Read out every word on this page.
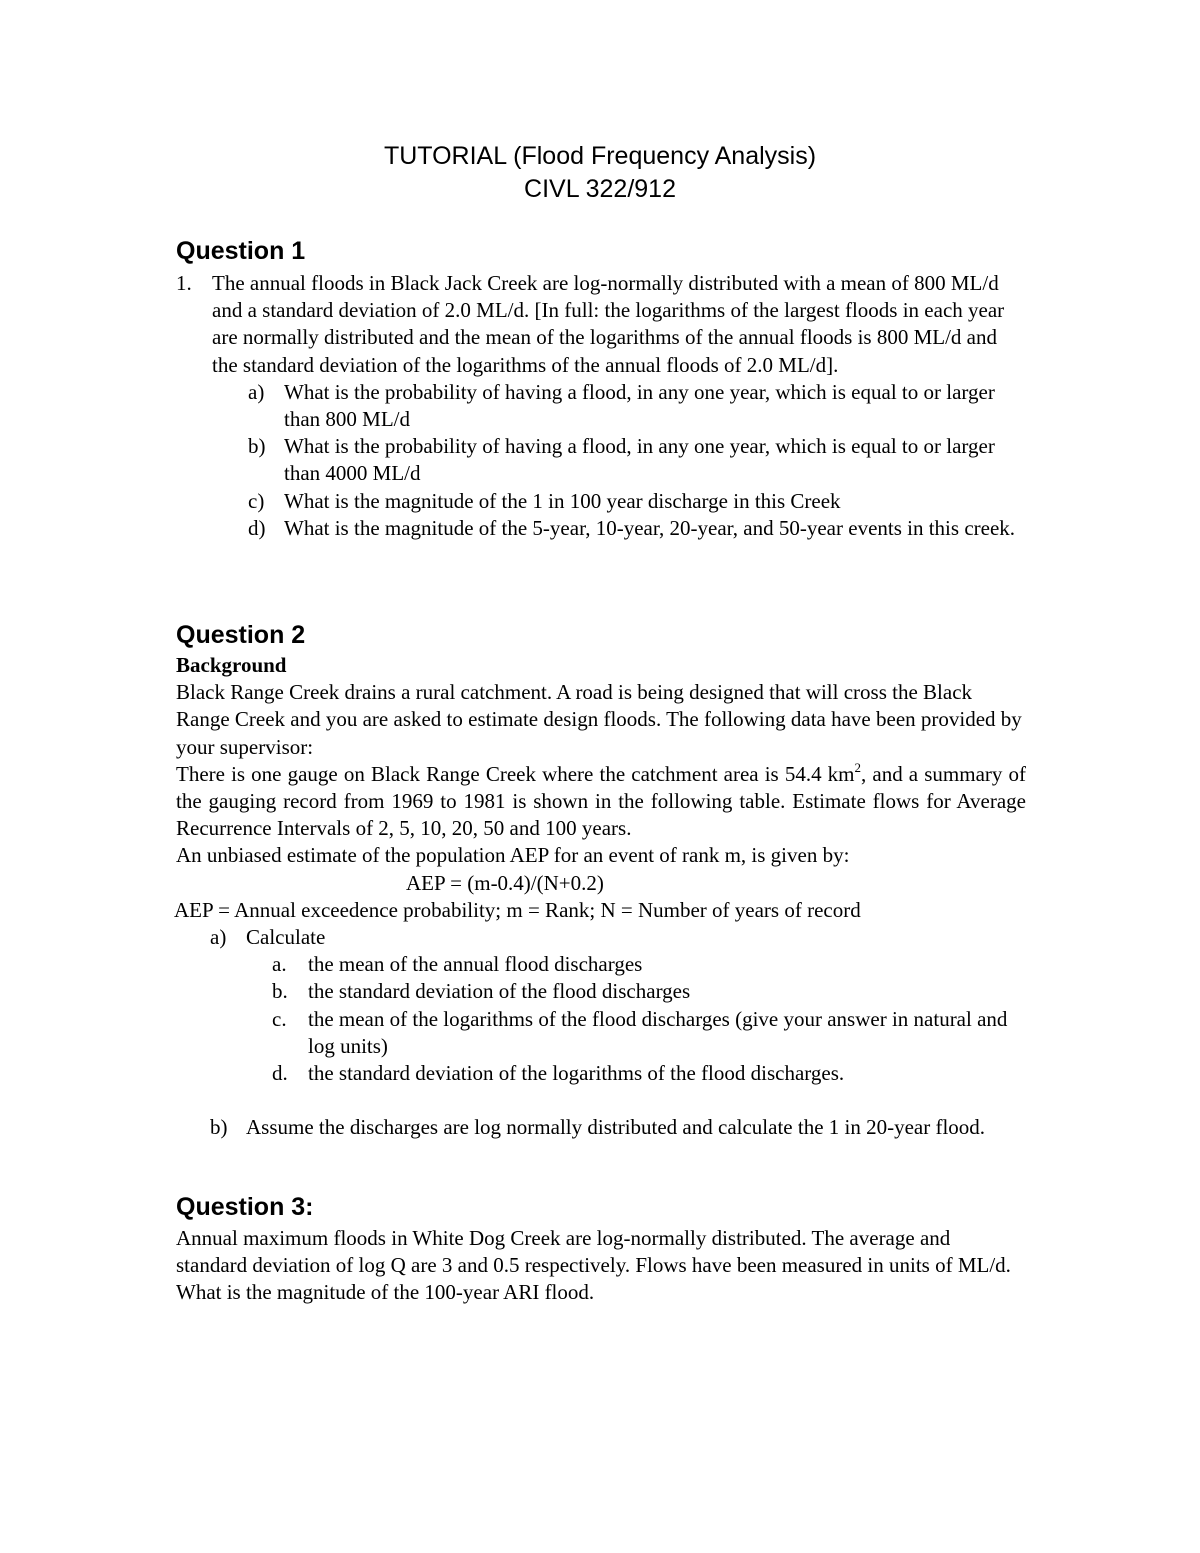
TUTORIAL (Flood Frequency Analysis)
CIVL 322/912
Question 1
1. The annual floods in Black Jack Creek are log-normally distributed with a mean of 800 ML/d and a standard deviation of 2.0 ML/d. [In full: the logarithms of the largest floods in each year are normally distributed and the mean of the logarithms of the annual floods is 800 ML/d and the standard deviation of the logarithms of the annual floods of 2.0 ML/d].

a) What is the probability of having a flood, in any one year, which is equal to or larger than 800 ML/d

b) What is the probability of having a flood, in any one year, which is equal to or larger than 4000 ML/d

c) What is the magnitude of the 1 in 100 year discharge in this Creek

d) What is the magnitude of the 5-year, 10-year, 20-year, and 50-year events in this creek.

Question 2

Background

Black Range Creek drains a rural catchment. A road is being designed that will cross the Black Range Creek and you are asked to estimate design floods. The following data have been provided by your supervisor:

There is one gauge on Black Range Creek where the catchment area is 54.4 $km^2$, and a summary of the gauging record from 1969 to 1981 is shown in the following table. Estimate flows for Average Recurrence Intervals of 2, 5, 10, 20, 50 and 100 years.

An unbiased estimate of the population AEP for an event of rank m, is given by:

AEP = (m-0.4)/(N+0.2)

AEP = Annual exceedence probability; m = Rank; N = Number of years of record

a) Calculate

a. the mean of the annual flood discharges

b. the standard deviation of the flood discharges

c. the mean of the logarithms of the flood discharges (give your answer in natural and log units)

d. the standard deviation of the logarithms of the flood discharges.

b) Assume the discharges are log normally distributed and calculate the 1 in 20-year flood.

Question 3:

Annual maximum floods in White Dog Creek are log-normally distributed. The average and standard deviation of log Q are 3 and 0.5 respectively. Flows have been measured in units of ML/d. What is the magnitude of the 100-year ARI flood.
